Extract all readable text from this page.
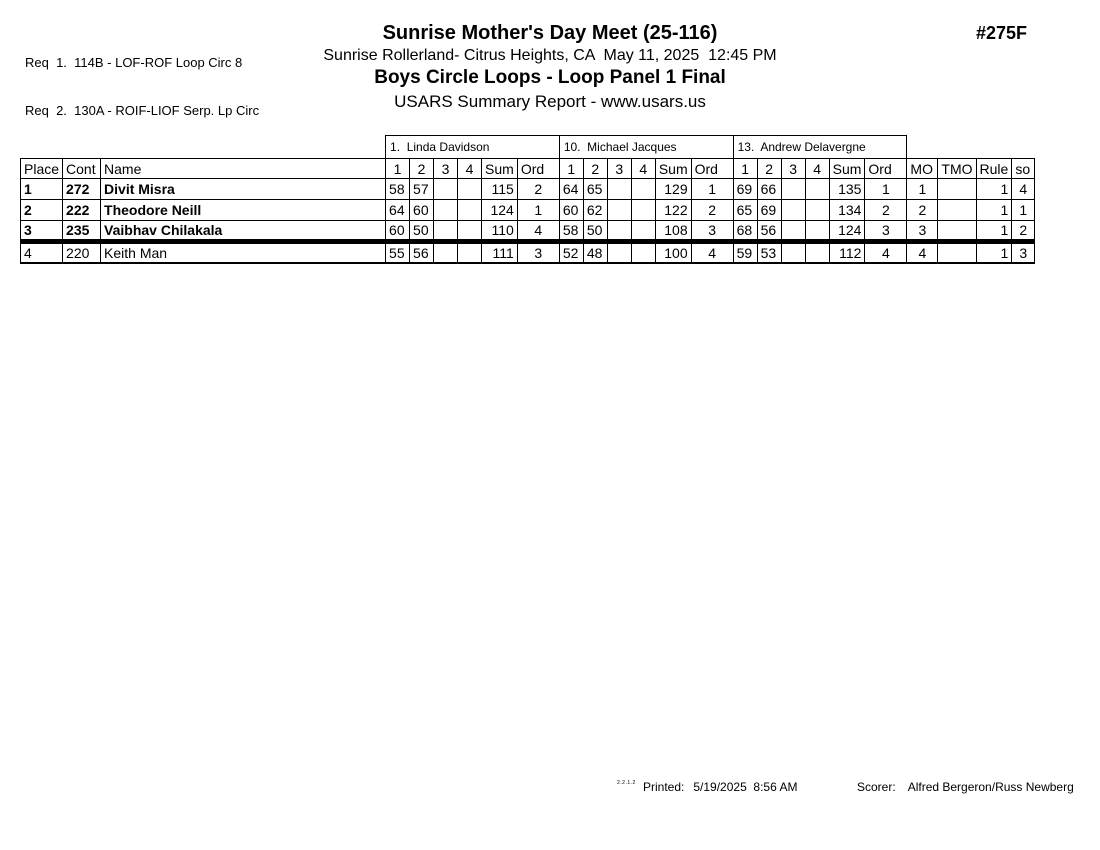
Req  1.  114B - LOF-ROF Loop Circ 8

Req  2.  130A - ROIF-LIOF Serp. Lp Circ

#275F
Sunrise Mother's Day Meet (25-116)
Sunrise Rollerland- Citrus Heights, CA  May 11, 2025  12:45 PM
Boys Circle Loops - Loop Panel 1 Final
USARS Summary Report - www.usars.us
			1.  Linda Davidson						10.  Michael Jacques						13.  Andrew Delavergne									
Place	Cont	Name	1	2	3	4	Sum	Ord	1	2	3	4	Sum	Ord	1	2	3	4	Sum	Ord	MO	TMO	Rule	so
1	272	Divit Misra	58	57			115	2	64	65			129	1	69	66			135	1	1		1	4
2	222	Theodore Neill	64	60			124	1	60	62			122	2	65	69			134	2	2		1	1
3	235	Vaibhav Chilakala	60	50			110	4	58	50			108	3	68	56			124	3	3		1	2
4	220	Keith Man	55	56			111	3	52	48			100	4	59	53			112	4	4		1	3
2.2.1.2 Printed: 5/19/2025  8:56 AM	Scorer: Alfred Bergeron/Russ Newberg
